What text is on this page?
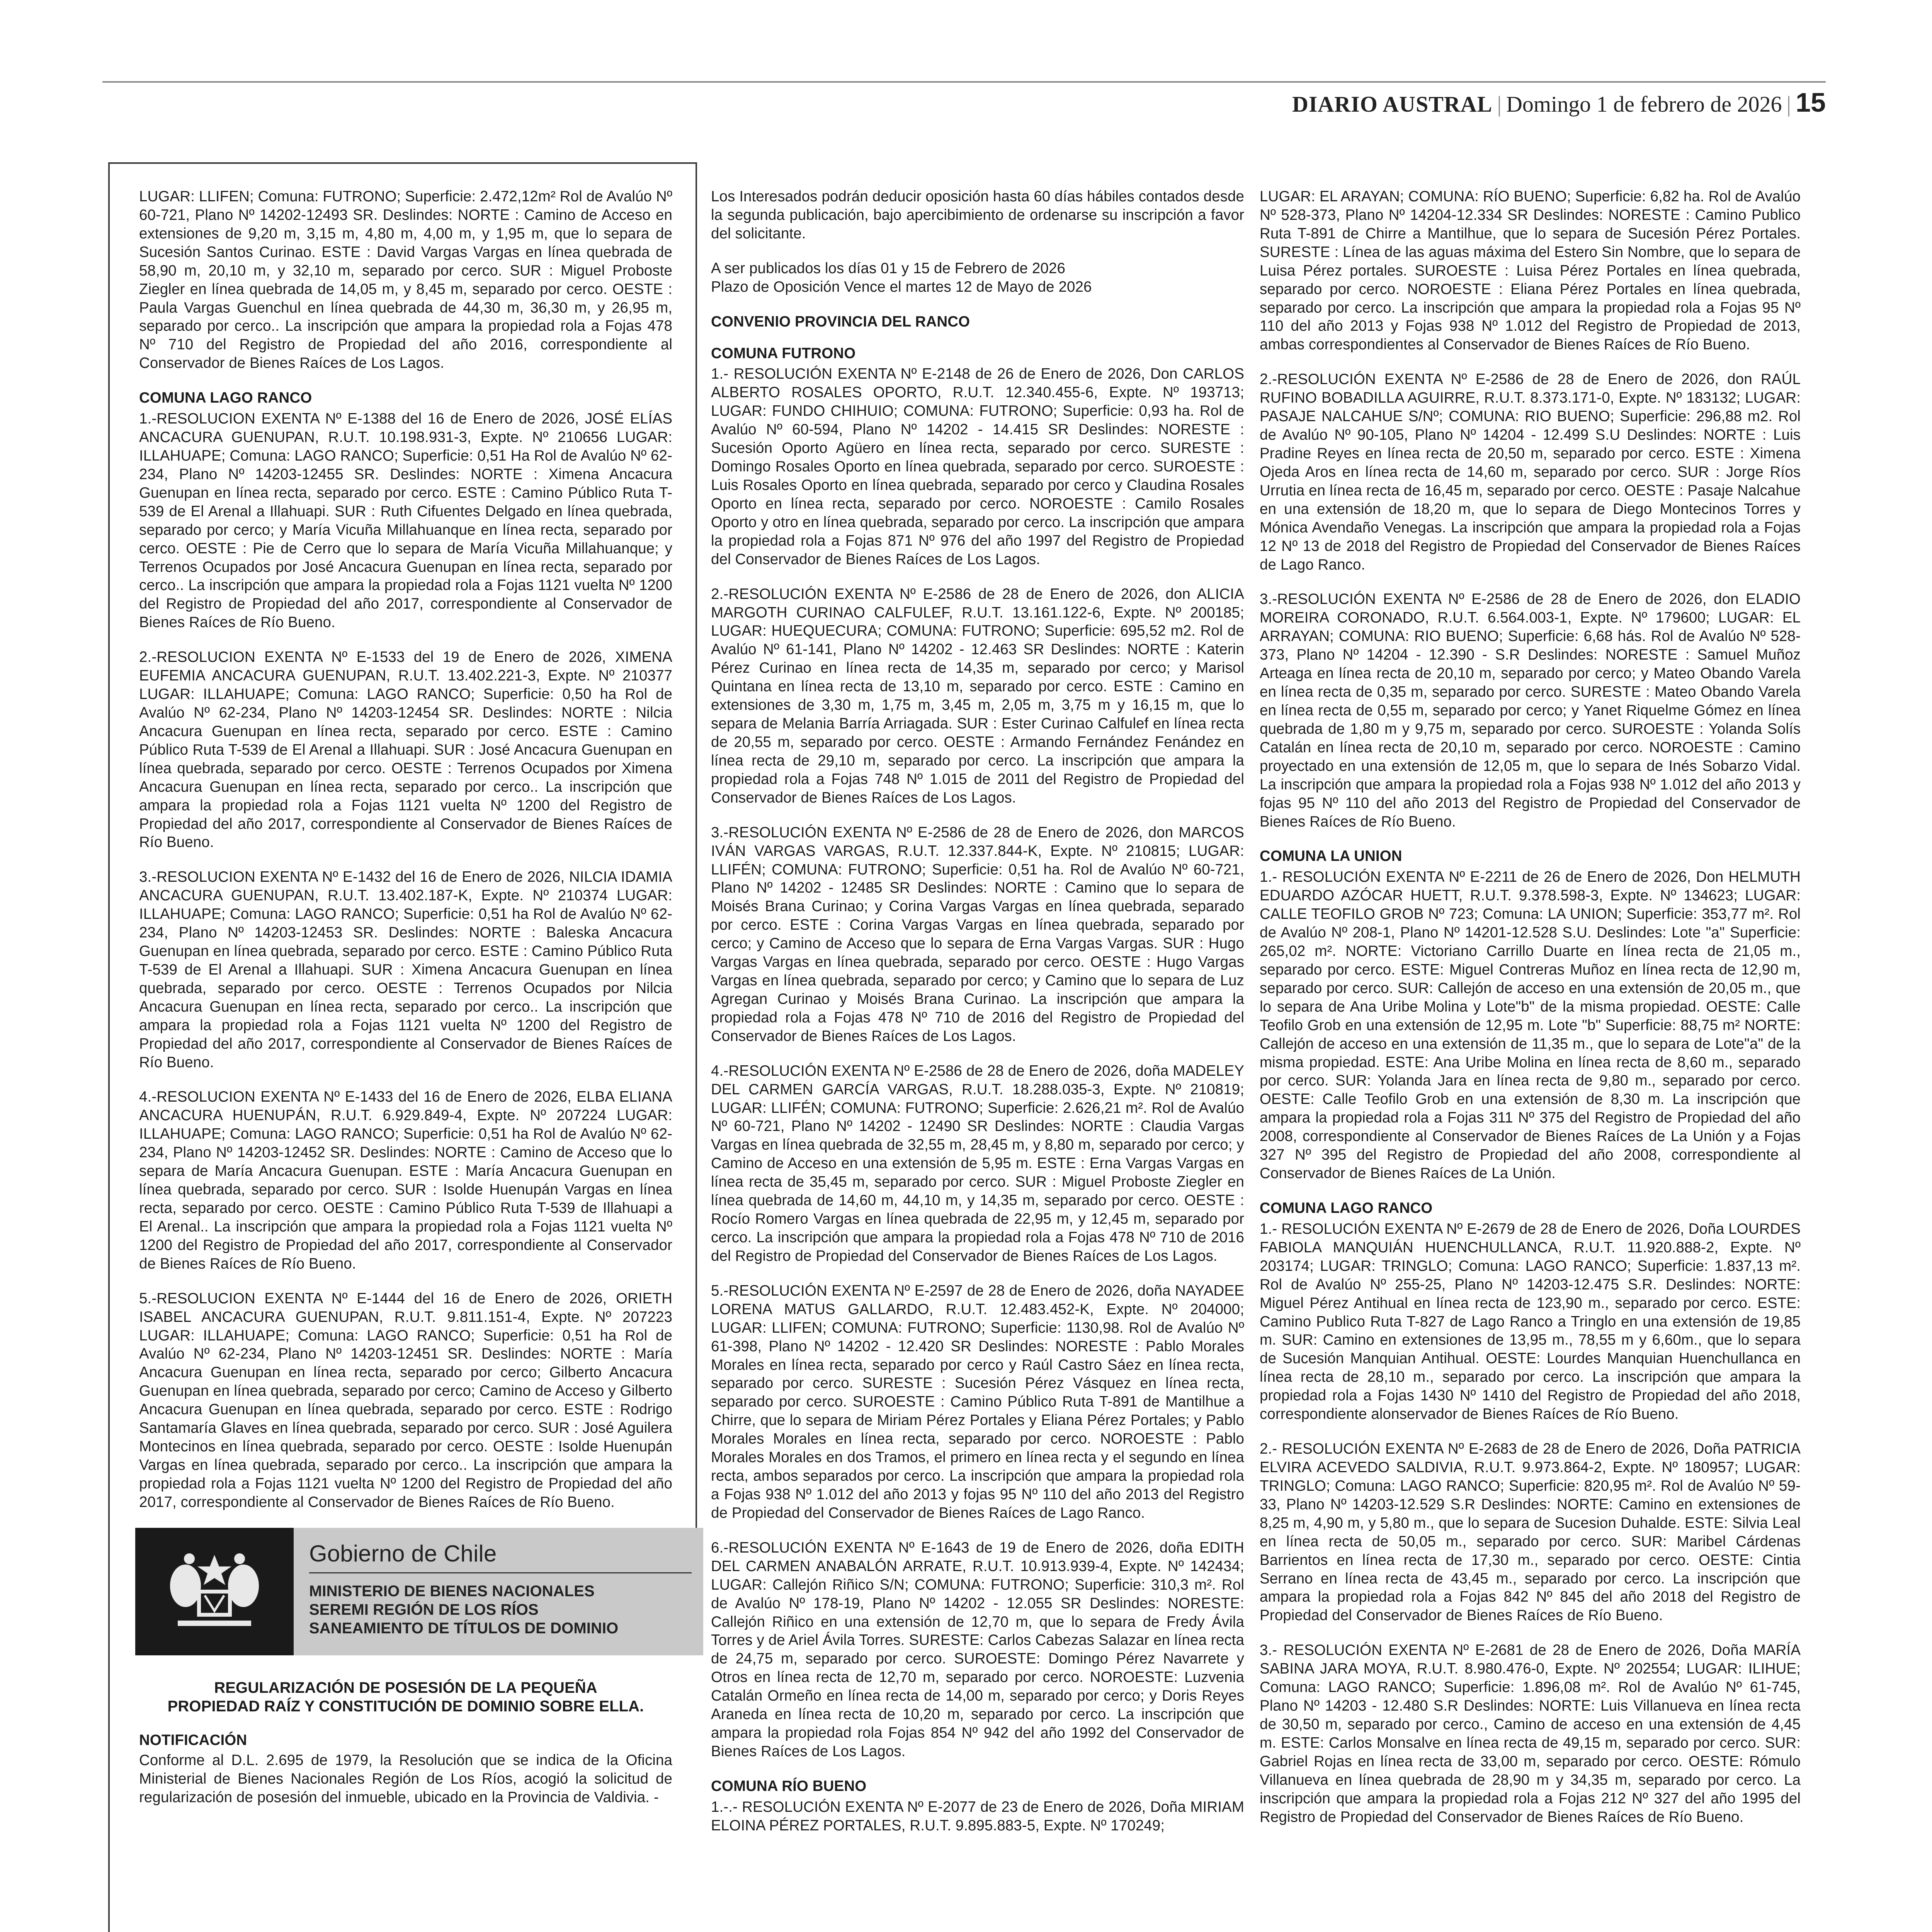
DIARIO AUSTRAL | Domingo 1 de febrero de 2026 | 15

LUGAR: LLIFEN; Comuna: FUTRONO; Superficie: 2.472,12m² Rol de Avalúo Nº 60-721, Plano Nº 14202-12493 SR. Deslindes: NORTE : Camino de Acceso en extensiones de 9,20 m, 3,15 m, 4,80 m, 4,00 m, y 1,95 m, que lo separa de Sucesión Santos Curinao. ESTE : David Vargas Vargas en línea quebrada de 58,90 m, 20,10 m, y 32,10 m, separado por cerco. SUR : Miguel Proboste Ziegler en línea quebrada de 14,05 m, y 8,45 m, separado por cerco. OESTE : Paula Vargas Guenchul en línea quebrada de 44,30 m, 36,30 m, y 26,95 m, separado por cerco.. La inscripción que ampara la propiedad rola a Fojas 478 Nº 710 del Registro de Propiedad del año 2016, correspondiente al Conservador de Bienes Raíces de Los Lagos.

COMUNA LAGO RANCO

1.-RESOLUCION EXENTA Nº E-1388 del 16 de Enero de 2026, JOSÉ ELÍAS ANCACURA GUENUPAN, R.U.T. 10.198.931-3, Expte. Nº 210656 LUGAR: ILLAHUAPE; Comuna: LAGO RANCO; Superficie: 0,51 Ha Rol de Avalúo Nº 62-234, Plano Nº 14203-12455 SR. Deslindes: NORTE : Ximena Ancacura Guenupan en línea recta, separado por cerco. ESTE : Camino Público Ruta T-539 de El Arenal a Illahuapi. SUR : Ruth Cifuentes Delgado en línea quebrada, separado por cerco; y María Vicuña Millahuanque en línea recta, separado por cerco. OESTE : Pie de Cerro que lo separa de María Vicuña Millahuanque; y Terrenos Ocupados por José Ancacura Guenupan en línea recta, separado por cerco.. La inscripción que ampara la propiedad rola a Fojas 1121 vuelta Nº 1200 del Registro de Propiedad del año 2017, correspondiente al Conservador de Bienes Raíces de Río Bueno.

2.-RESOLUCION EXENTA Nº E-1533 del 19 de Enero de 2026, XIMENA EUFEMIA ANCACURA GUENUPAN, R.U.T. 13.402.221-3, Expte. Nº 210377 LUGAR: ILLAHUAPE; Comuna: LAGO RANCO; Superficie: 0,50 ha Rol de Avalúo Nº 62-234, Plano Nº 14203-12454 SR. Deslindes: NORTE : Nilcia Ancacura Guenupan en línea recta, separado por cerco. ESTE : Camino Público Ruta T-539 de El Arenal a Illahuapi. SUR : José Ancacura Guenupan en línea quebrada, separado por cerco. OESTE : Terrenos Ocupados por Ximena Ancacura Guenupan en línea recta, separado por cerco.. La inscripción que ampara la propiedad rola a Fojas 1121 vuelta Nº 1200 del Registro de Propiedad del año 2017, correspondiente al Conservador de Bienes Raíces de Río Bueno.

3.-RESOLUCION EXENTA Nº E-1432 del 16 de Enero de 2026, NILCIA IDAMIA ANCACURA GUENUPAN, R.U.T. 13.402.187-K, Expte. Nº 210374 LUGAR: ILLAHUAPE; Comuna: LAGO RANCO; Superficie: 0,51 ha Rol de Avalúo Nº 62-234, Plano Nº 14203-12453 SR. Deslindes: NORTE : Baleska Ancacura Guenupan en línea quebrada, separado por cerco. ESTE : Camino Público Ruta T-539 de El Arenal a Illahuapi. SUR : Ximena Ancacura Guenupan en línea quebrada, separado por cerco. OESTE : Terrenos Ocupados por Nilcia Ancacura Guenupan en línea recta, separado por cerco.. La inscripción que ampara la propiedad rola a Fojas 1121 vuelta Nº 1200 del Registro de Propiedad del año 2017, correspondiente al Conservador de Bienes Raíces de Río Bueno.

4.-RESOLUCION EXENTA Nº E-1433 del 16 de Enero de 2026, ELBA ELIANA ANCACURA HUENUPÁN, R.U.T. 6.929.849-4, Expte. Nº 207224 LUGAR: ILLAHUAPE; Comuna: LAGO RANCO; Superficie: 0,51 ha Rol de Avalúo Nº 62-234, Plano Nº 14203-12452 SR. Deslindes: NORTE : Camino de Acceso que lo separa de María Ancacura Guenupan. ESTE : María Ancacura Guenupan en línea quebrada, separado por cerco. SUR : Isolde Huenupán Vargas en línea recta, separado por cerco. OESTE : Camino Público Ruta T-539 de Illahuapi a El Arenal.. La inscripción que ampara la propiedad rola a Fojas 1121 vuelta Nº 1200 del Registro de Propiedad del año 2017, correspondiente al Conservador de Bienes Raíces de Río Bueno.

5.-RESOLUCION EXENTA Nº E-1444 del 16 de Enero de 2026, ORIETH ISABEL ANCACURA GUENUPAN, R.U.T. 9.811.151-4, Expte. Nº 207223 LUGAR: ILLAHUAPE; Comuna: LAGO RANCO; Superficie: 0,51 ha Rol de Avalúo Nº 62-234, Plano Nº 14203-12451 SR. Deslindes: NORTE : María Ancacura Guenupan en línea recta, separado por cerco; Gilberto Ancacura Guenupan en línea quebrada, separado por cerco; Camino de Acceso y Gilberto Ancacura Guenupan en línea quebrada, separado por cerco. ESTE : Rodrigo Santamaría Glaves en línea quebrada, separado por cerco. SUR : José Aguilera Montecinos en línea quebrada, separado por cerco. OESTE : Isolde Huenupán Vargas en línea quebrada, separado por cerco.. La inscripción que ampara la propiedad rola a Fojas 1121 vuelta Nº 1200 del Registro de Propiedad del año 2017, correspondiente al Conservador de Bienes Raíces de Río Bueno.

Gobierno de Chile
MINISTERIO DE BIENES NACIONALES
SEREMI REGIÓN DE LOS RÍOS
SANEAMIENTO DE TÍTULOS DE DOMINIO
REGULARIZACIÓN DE POSESIÓN DE LA PEQUEÑA
PROPIEDAD RAÍZ Y CONSTITUCIÓN DE DOMINIO SOBRE ELLA.
NOTIFICACIÓN

Conforme al D.L. 2.695 de 1979, la Resolución que se indica de la Oficina Ministerial de Bienes Nacionales Región de Los Ríos, acogió la solicitud de regularización de posesión del inmueble, ubicado en la Provincia de Valdivia. -

Los Interesados podrán deducir oposición hasta 60 días hábiles contados desde la segunda publicación, bajo apercibimiento de ordenarse su inscripción a favor del solicitante.

A ser publicados los días 01 y 15 de Febrero de 2026

Plazo de Oposición Vence el martes 12 de Mayo de 2026

CONVENIO PROVINCIA DEL RANCO
COMUNA FUTRONO

1.- RESOLUCIÓN EXENTA Nº E-2148 de 26 de Enero de 2026, Don CARLOS ALBERTO ROSALES OPORTO, R.U.T. 12.340.455-6, Expte. Nº 193713; LUGAR: FUNDO CHIHUIO; COMUNA: FUTRONO; Superficie: 0,93 ha. Rol de Avalúo Nº 60-594, Plano Nº 14202 - 14.415 SR Deslindes: NORESTE : Sucesión Oporto Agüero en línea recta, separado por cerco. SURESTE : Domingo Rosales Oporto en línea quebrada, separado por cerco. SUROESTE : Luis Rosales Oporto en línea quebrada, separado por cerco y Claudina Rosales Oporto en línea recta, separado por cerco. NOROESTE : Camilo Rosales Oporto y otro en línea quebrada, separado por cerco. La inscripción que ampara la propiedad rola a Fojas 871 Nº 976 del año 1997 del Registro de Propiedad del Conservador de Bienes Raíces de Los Lagos.

2.-RESOLUCIÓN EXENTA Nº E-2586 de 28 de Enero de 2026, don ALICIA MARGOTH CURINAO CALFULEF, R.U.T. 13.161.122-6, Expte. Nº 200185; LUGAR: HUEQUECURA; COMUNA: FUTRONO; Superficie: 695,52 m2. Rol de Avalúo Nº 61-141, Plano Nº 14202 - 12.463 SR Deslindes: NORTE : Katerin Pérez Curinao en línea recta de 14,35 m, separado por cerco; y Marisol Quintana en línea recta de 13,10 m, separado por cerco. ESTE : Camino en extensiones de 3,30 m, 1,75 m, 3,45 m, 2,05 m, 3,75 m y 16,15 m, que lo separa de Melania Barría Arriagada. SUR : Ester Curinao Calfulef en línea recta de 20,55 m, separado por cerco. OESTE : Armando Fernández Fenández en línea recta de 29,10 m, separado por cerco. La inscripción que ampara la propiedad rola a Fojas 748 Nº 1.015 de 2011 del Registro de Propiedad del Conservador de Bienes Raíces de Los Lagos.

3.-RESOLUCIÓN EXENTA Nº E-2586 de 28 de Enero de 2026, don MARCOS IVÁN VARGAS VARGAS, R.U.T. 12.337.844-K, Expte. Nº 210815; LUGAR: LLIFÉN; COMUNA: FUTRONO; Superficie: 0,51 ha. Rol de Avalúo Nº 60-721, Plano Nº 14202 - 12485 SR Deslindes: NORTE : Camino que lo separa de Moisés Brana Curinao; y Corina Vargas Vargas en línea quebrada, separado por cerco. ESTE : Corina Vargas Vargas en línea quebrada, separado por cerco; y Camino de Acceso que lo separa de Erna Vargas Vargas. SUR : Hugo Vargas Vargas en línea quebrada, separado por cerco. OESTE : Hugo Vargas Vargas en línea quebrada, separado por cerco; y Camino que lo separa de Luz Agregan Curinao y Moisés Brana Curinao. La inscripción que ampara la propiedad rola a Fojas 478 Nº 710 de 2016 del Registro de Propiedad del Conservador de Bienes Raíces de Los Lagos.

4.-RESOLUCIÓN EXENTA Nº E-2586 de 28 de Enero de 2026, doña MADELEY DEL CARMEN GARCÍA VARGAS, R.U.T. 18.288.035-3, Expte. Nº 210819; LUGAR: LLIFÉN; COMUNA: FUTRONO; Superficie: 2.626,21 m². Rol de Avalúo Nº 60-721, Plano Nº 14202 - 12490 SR Deslindes: NORTE : Claudia Vargas Vargas en línea quebrada de 32,55 m, 28,45 m, y 8,80 m, separado por cerco; y Camino de Acceso en una extensión de 5,95 m. ESTE : Erna Vargas Vargas en línea recta de 35,45 m, separado por cerco. SUR : Miguel Proboste Ziegler en línea quebrada de 14,60 m, 44,10 m, y 14,35 m, separado por cerco. OESTE : Rocío Romero Vargas en línea quebrada de 22,95 m, y 12,45 m, separado por cerco. La inscripción que ampara la propiedad rola a Fojas 478 Nº 710 de 2016 del Registro de Propiedad del Conservador de Bienes Raíces de Los Lagos.

5.-RESOLUCIÓN EXENTA Nº E-2597 de 28 de Enero de 2026, doña NAYADEE LORENA MATUS GALLARDO, R.U.T. 12.483.452-K, Expte. Nº 204000; LUGAR: LLIFEN; COMUNA: FUTRONO; Superficie: 1130,98. Rol de Avalúo Nº 61-398, Plano Nº 14202 - 12.420 SR Deslindes: NORESTE : Pablo Morales Morales en línea recta, separado por cerco y Raúl Castro Sáez en línea recta, separado por cerco. SURESTE : Sucesión Pérez Vásquez en línea recta, separado por cerco. SUROESTE : Camino Público Ruta T-891 de Mantilhue a Chirre, que lo separa de Miriam Pérez Portales y Eliana Pérez Portales; y Pablo Morales Morales en línea recta, separado por cerco. NOROESTE : Pablo Morales Morales en dos Tramos, el primero en línea recta y el segundo en línea recta, ambos separados por cerco. La inscripción que ampara la propiedad rola a Fojas 938 Nº 1.012 del año 2013 y fojas 95 Nº 110 del año 2013 del Registro de Propiedad del Conservador de Bienes Raíces de Lago Ranco.

6.-RESOLUCIÓN EXENTA Nº E-1643 de 19 de Enero de 2026, doña EDITH DEL CARMEN ANABALÓN ARRATE, R.U.T. 10.913.939-4, Expte. Nº 142434; LUGAR: Callejón Riñico S/N; COMUNA: FUTRONO; Superficie: 310,3 m². Rol de Avalúo Nº 178-19, Plano Nº 14202 - 12.055 SR Deslindes: NORESTE: Callejón Riñico en una extensión de 12,70 m, que lo separa de Fredy Ávila Torres y de Ariel Ávila Torres. SURESTE: Carlos Cabezas Salazar en línea recta de 24,75 m, separado por cerco. SUROESTE: Domingo Pérez Navarrete y Otros en línea recta de 12,70 m, separado por cerco. NOROESTE: Luzvenia Catalán Ormeño en línea recta de 14,00 m, separado por cerco; y Doris Reyes Araneda en línea recta de 10,20 m, separado por cerco. La inscripción que ampara la propiedad rola Fojas 854 Nº 942 del año 1992 del Conservador de Bienes Raíces de Los Lagos.

COMUNA RÍO BUENO

1.-.- RESOLUCIÓN EXENTA Nº E-2077 de 23 de Enero de 2026, Doña MIRIAM ELOINA PÉREZ PORTALES, R.U.T. 9.895.883-5, Expte. Nº 170249;

LUGAR: EL ARAYAN; COMUNA: RÍO BUENO; Superficie: 6,82 ha. Rol de Avalúo Nº 528-373, Plano Nº 14204-12.334 SR Deslindes: NORESTE : Camino Publico Ruta T-891 de Chirre a Mantilhue, que lo separa de Sucesión Pérez Portales. SURESTE : Línea de las aguas máxima del Estero Sin Nombre, que lo separa de Luisa Pérez portales. SUROESTE : Luisa Pérez Portales en línea quebrada, separado por cerco. NOROESTE : Eliana Pérez Portales en línea quebrada, separado por cerco. La inscripción que ampara la propiedad rola a Fojas 95 Nº 110 del año 2013 y Fojas 938 Nº 1.012 del Registro de Propiedad de 2013, ambas correspondientes al Conservador de Bienes Raíces de Río Bueno.

2.-RESOLUCIÓN EXENTA Nº E-2586 de 28 de Enero de 2026, don RAÚL RUFINO BOBADILLA AGUIRRE, R.U.T. 8.373.171-0, Expte. Nº 183132; LUGAR: PASAJE NALCAHUE S/Nº; COMUNA: RIO BUENO; Superficie: 296,88 m2. Rol de Avalúo Nº 90-105, Plano Nº 14204 - 12.499 S.U Deslindes: NORTE : Luis Pradine Reyes en línea recta de 20,50 m, separado por cerco. ESTE : Ximena Ojeda Aros en línea recta de 14,60 m, separado por cerco. SUR : Jorge Ríos Urrutia en línea recta de 16,45 m, separado por cerco. OESTE : Pasaje Nalcahue en una extensión de 18,20 m, que lo separa de Diego Montecinos Torres y Mónica Avendaño Venegas. La inscripción que ampara la propiedad rola a Fojas 12 Nº 13 de 2018 del Registro de Propiedad del Conservador de Bienes Raíces de Lago Ranco.

3.-RESOLUCIÓN EXENTA Nº E-2586 de 28 de Enero de 2026, don ELADIO MOREIRA CORONADO, R.U.T. 6.564.003-1, Expte. Nº 179600; LUGAR: EL ARRAYAN; COMUNA: RIO BUENO; Superficie: 6,68 hás. Rol de Avalúo Nº 528-373, Plano Nº 14204 - 12.390 - S.R Deslindes: NORESTE : Samuel Muñoz Arteaga en línea recta de 20,10 m, separado por cerco; y Mateo Obando Varela en línea recta de 0,35 m, separado por cerco. SURESTE : Mateo Obando Varela en línea recta de 0,55 m, separado por cerco; y Yanet Riquelme Gómez en línea quebrada de 1,80 m y 9,75 m, separado por cerco. SUROESTE : Yolanda Solís Catalán en línea recta de 20,10 m, separado por cerco. NOROESTE : Camino proyectado en una extensión de 12,05 m, que lo separa de Inés Sobarzo Vidal. La inscripción que ampara la propiedad rola a Fojas 938 Nº 1.012 del año 2013 y fojas 95 Nº 110 del año 2013 del Registro de Propiedad del Conservador de Bienes Raíces de Río Bueno.

COMUNA LA UNION

1.- RESOLUCIÓN EXENTA Nº E-2211 de 26 de Enero de 2026, Don HELMUTH EDUARDO AZÓCAR HUETT, R.U.T. 9.378.598-3, Expte. Nº 134623; LUGAR: CALLE TEOFILO GROB Nº 723; Comuna: LA UNION; Superficie: 353,77 m². Rol de Avalúo Nº 208-1, Plano Nº 14201-12.528 S.U. Deslindes: Lote "a" Superficie: 265,02 m². NORTE: Victoriano Carrillo Duarte en línea recta de 21,05 m., separado por cerco. ESTE: Miguel Contreras Muñoz en línea recta de 12,90 m, separado por cerco. SUR: Callejón de acceso en una extensión de 20,05 m., que lo separa de Ana Uribe Molina y Lote"b" de la misma propiedad. OESTE: Calle Teofilo Grob en una extensión de 12,95 m. Lote "b" Superficie: 88,75 m² NORTE: Callejón de acceso en una extensión de 11,35 m., que lo separa de Lote"a" de la misma propiedad. ESTE: Ana Uribe Molina en línea recta de 8,60 m., separado por cerco. SUR: Yolanda Jara en línea recta de 9,80 m., separado por cerco. OESTE: Calle Teofilo Grob en una extensión de 8,30 m. La inscripción que ampara la propiedad rola a Fojas 311 Nº 375 del Registro de Propiedad del año 2008, correspondiente al Conservador de Bienes Raíces de La Unión y a Fojas 327 Nº 395 del Registro de Propiedad del año 2008, correspondiente al Conservador de Bienes Raíces de La Unión.

COMUNA LAGO RANCO

1.- RESOLUCIÓN EXENTA Nº E-2679 de 28 de Enero de 2026, Doña LOURDES FABIOLA MANQUIÁN HUENCHULLANCA, R.U.T. 11.920.888-2, Expte. Nº 203174; LUGAR: TRINGLO; Comuna: LAGO RANCO; Superficie: 1.837,13 m². Rol de Avalúo Nº 255-25, Plano Nº 14203-12.475 S.R. Deslindes: NORTE: Miguel Pérez Antihual en línea recta de 123,90 m., separado por cerco. ESTE: Camino Publico Ruta T-827 de Lago Ranco a Tringlo en una extensión de 19,85 m. SUR: Camino en extensiones de 13,95 m., 78,55 m y 6,60m., que lo separa de Sucesión Manquian Antihual. OESTE: Lourdes Manquian Huenchullanca en línea recta de 28,10 m., separado por cerco. La inscripción que ampara la propiedad rola a Fojas 1430 Nº 1410 del Registro de Propiedad del año 2018, correspondiente alonservador de Bienes Raíces de Río Bueno.

2.- RESOLUCIÓN EXENTA Nº E-2683 de 28 de Enero de 2026, Doña PATRICIA ELVIRA ACEVEDO SALDIVIA, R.U.T. 9.973.864-2, Expte. Nº 180957; LUGAR: TRINGLO; Comuna: LAGO RANCO; Superficie: 820,95 m². Rol de Avalúo Nº 59-33, Plano Nº 14203-12.529 S.R Deslindes: NORTE: Camino en extensiones de 8,25 m, 4,90 m, y 5,80 m., que lo separa de Sucesion Duhalde. ESTE: Silvia Leal en línea recta de 50,05 m., separado por cerco. SUR: Maribel Cárdenas Barrientos en línea recta de 17,30 m., separado por cerco. OESTE: Cintia Serrano en línea recta de 43,45 m., separado por cerco. La inscripción que ampara la propiedad rola a Fojas 842 Nº 845 del año 2018 del Registro de Propiedad del Conservador de Bienes Raíces de Río Bueno.

3.- RESOLUCIÓN EXENTA Nº E-2681 de 28 de Enero de 2026, Doña MARÍA SABINA JARA MOYA, R.U.T. 8.980.476-0, Expte. Nº 202554; LUGAR: ILIHUE; Comuna: LAGO RANCO; Superficie: 1.896,08 m². Rol de Avalúo Nº 61-745, Plano Nº 14203 - 12.480 S.R Deslindes: NORTE: Luis Villanueva en línea recta de 30,50 m, separado por cerco., Camino de acceso en una extensión de 4,45 m. ESTE: Carlos Monsalve en línea recta de 49,15 m, separado por cerco. SUR: Gabriel Rojas en línea recta de 33,00 m, separado por cerco. OESTE: Rómulo Villanueva en línea quebrada de 28,90 m y 34,35 m, separado por cerco. La inscripción que ampara la propiedad rola a Fojas 212 Nº 327 del año 1995 del Registro de Propiedad del Conservador de Bienes Raíces de Río Bueno.
